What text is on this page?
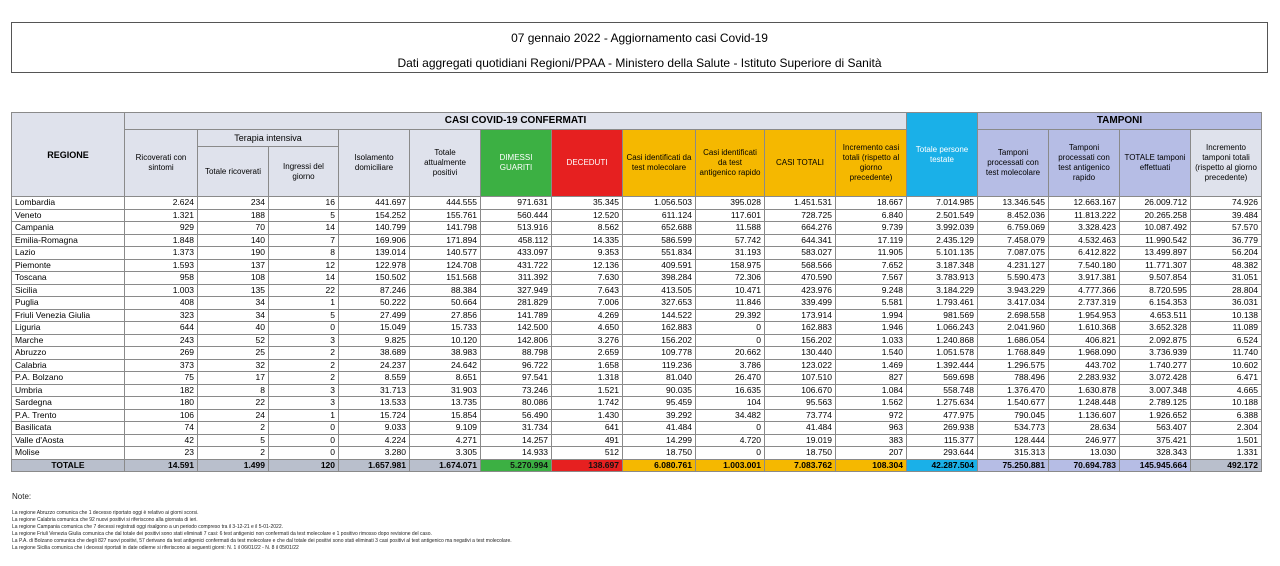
07 gennaio 2022 - Aggiornamento casi Covid-19
Dati aggregati quotidiani Regioni/PPAA - Ministero della Salute - Istituto Superiore di Sanità
REGIONE	CASI COVID-19 CONFERMATI											Totale persone testate	TAMPONI			
	Ricoverati con sintomi	Terapia intensiva		Isolamento domiciliare	Totale attualmente positivi	DIMESSI GUARITI	DECEDUTI	Casi identificati da test molecolare	Casi identificati da test antigenico rapido	CASI TOTALI	Incremento casi totali (rispetto al giorno precedente)		Tamponi processati con test molecolare	Tamponi processati con test antigenico rapido	TOTALE tamponi effettuati	Incremento tamponi totali (rispetto al giorno precedente)
		Totale ricoverati	Ingressi del giorno													
Lombardia	2.624	234	16	441.697	444.555	971.631	35.345	1.056.503	395.028	1.451.531	18.667	7.014.985	13.346.545	12.663.167	26.009.712	74.926
Veneto	1.321	188	5	154.252	155.761	560.444	12.520	611.124	117.601	728.725	6.840	2.501.549	8.452.036	11.813.222	20.265.258	39.484
Campania	929	70	14	140.799	141.798	513.916	8.562	652.688	11.588	664.276	9.739	3.992.039	6.759.069	3.328.423	10.087.492	57.570
Emilia-Romagna	1.848	140	7	169.906	171.894	458.112	14.335	586.599	57.742	644.341	17.119	2.435.129	7.458.079	4.532.463	11.990.542	36.779
Lazio	1.373	190	8	139.014	140.577	433.097	9.353	551.834	31.193	583.027	11.905	5.101.135	7.087.075	6.412.822	13.499.897	56.204
Piemonte	1.593	137	12	122.978	124.708	431.722	12.136	409.591	158.975	568.566	7.652	3.187.348	4.231.127	7.540.180	11.771.307	48.382
Toscana	958	108	14	150.502	151.568	311.392	7.630	398.284	72.306	470.590	7.567	3.783.913	5.590.473	3.917.381	9.507.854	31.051
Sicilia	1.003	135	22	87.246	88.384	327.949	7.643	413.505	10.471	423.976	9.248	3.184.229	3.943.229	4.777.366	8.720.595	28.804
Puglia	408	34	1	50.222	50.664	281.829	7.006	327.653	11.846	339.499	5.581	1.793.461	3.417.034	2.737.319	6.154.353	36.031
Friuli Venezia Giulia	323	34	5	27.499	27.856	141.789	4.269	144.522	29.392	173.914	1.994	981.569	2.698.558	1.954.953	4.653.511	10.138
Liguria	644	40	0	15.049	15.733	142.500	4.650	162.883	0	162.883	1.946	1.066.243	2.041.960	1.610.368	3.652.328	11.089
Marche	243	52	3	9.825	10.120	142.806	3.276	156.202	0	156.202	1.033	1.240.868	1.686.054	406.821	2.092.875	6.524
Abruzzo	269	25	2	38.689	38.983	88.798	2.659	109.778	20.662	130.440	1.540	1.051.578	1.768.849	1.968.090	3.736.939	11.740
Calabria	373	32	2	24.237	24.642	96.722	1.658	119.236	3.786	123.022	1.469	1.392.444	1.296.575	443.702	1.740.277	10.602
P.A. Bolzano	75	17	2	8.559	8.651	97.541	1.318	81.040	26.470	107.510	827	569.698	788.496	2.283.932	3.072.428	6.471
Umbria	182	8	3	31.713	31.903	73.246	1.521	90.035	16.635	106.670	1.084	558.748	1.376.470	1.630.878	3.007.348	4.665
Sardegna	180	22	3	13.533	13.735	80.086	1.742	95.459	104	95.563	1.562	1.275.634	1.540.677	1.248.448	2.789.125	10.188
P.A. Trento	106	24	1	15.724	15.854	56.490	1.430	39.292	34.482	73.774	972	477.975	790.045	1.136.607	1.926.652	6.388
Basilicata	74	2	0	9.033	9.109	31.734	641	41.484	0	41.484	963	269.938	534.773	28.634	563.407	2.304
Valle d'Aosta	42	5	0	4.224	4.271	14.257	491	14.299	4.720	19.019	383	115.377	128.444	246.977	375.421	1.501
Molise	23	2	0	3.280	3.305	14.933	512	18.750	0	18.750	207	293.644	315.313	13.030	328.343	1.331
TOTALE	14.591	1.499	120	1.657.981	1.674.071	5.270.994	138.697	6.080.761	1.003.001	7.083.762	108.304	42.287.504	75.250.881	70.694.783	145.945.664	492.172
Note:
La regione Abruzzo comunica che 1 decesso riportato oggi è relativo ai giorni scorsi.
La regione Calabria comunica che 92 nuovi positivi si riferiscono alla giornata di ieri.
La regione Campania comunica che 7 decessi registrati oggi risalgono a un periodo compreso tra il 3-12-21 e il 5-01-2022.
La regione Friuli Venezia Giulia comunica che dal totale dei positivi sono stati eliminati 7 casi: 6 test antigenici non confermati da test molecolare e 1 positivo rimosso dopo revisione del caso.
La P.A. di Bolzano comunica che degli 827 nuovi positivi, 57 derivano da test antigenici confermati da test molecolare e che dal totale dei positivi sono stati eliminati 3 casi positivi al test antigenico ma negativi a test molecolare.
La regione Sicilia comunica che i decessi riportati in date odierne si riferiscono ai seguenti giorni: N. 1 il 06/01/22 - N. 8 il 05/01/22
